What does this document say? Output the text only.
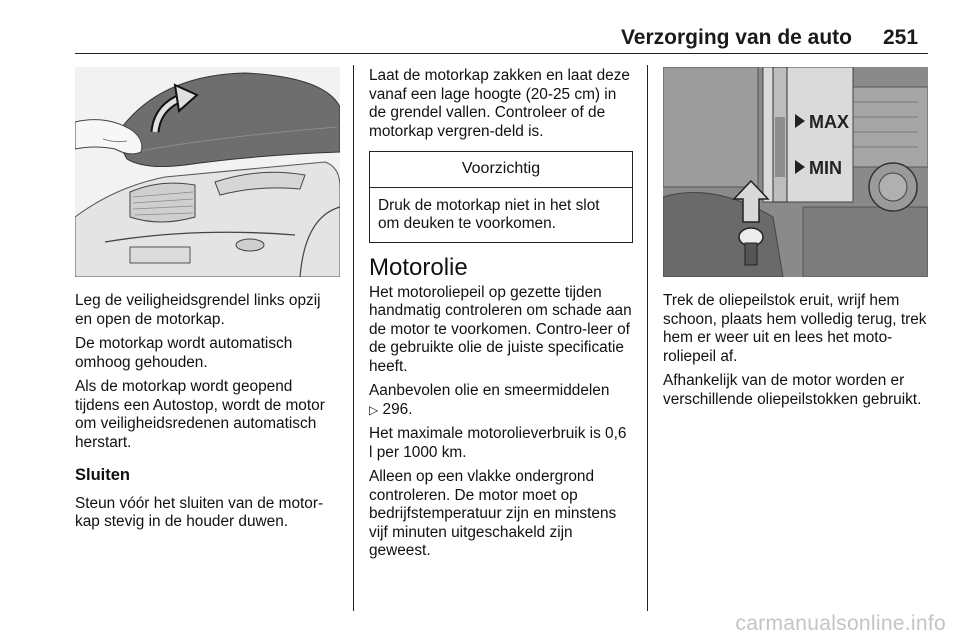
Verzorging van de auto 251
MAX
MIN

Leg de veiligheidsgrendel links opzij en open de motorkap.

De motorkap wordt automatisch omhoog gehouden.

Als de motorkap wordt geopend tijdens een Autostop, wordt de motor om veiligheidsredenen automatisch herstart.

Sluiten

Steun vóór het sluiten van de motor-kap stevig in de houder duwen.

Laat de motorkap zakken en laat deze vanaf een lage hoogte (20-25 cm) in de grendel vallen. Controleer of de motorkap vergren-deld is.

Voorzichtig
Druk de motorkap niet in het slot om deuken te voorkomen.
Motorolie

Het motoroliepeil op gezette tijden handmatig controleren om schade aan de motor te voorkomen. Contro-leer of de gebruikte olie de juiste specificatie heeft.

Aanbevolen olie en smeermiddelen
▷ 296.

Het maximale motorolieverbruik is 0,6 l per 1000 km.

Alleen op een vlakke ondergrond controleren. De motor moet op bedrijfstemperatuur zijn en minstens vijf minuten uitgeschakeld zijn geweest.

Trek de oliepeilstok eruit, wrijf hem schoon, plaats hem volledig terug, trek hem er weer uit en lees het moto-roliepeil af.

Afhankelijk van de motor worden er verschillende oliepeilstokken gebruikt.

carmanualsonline.info
